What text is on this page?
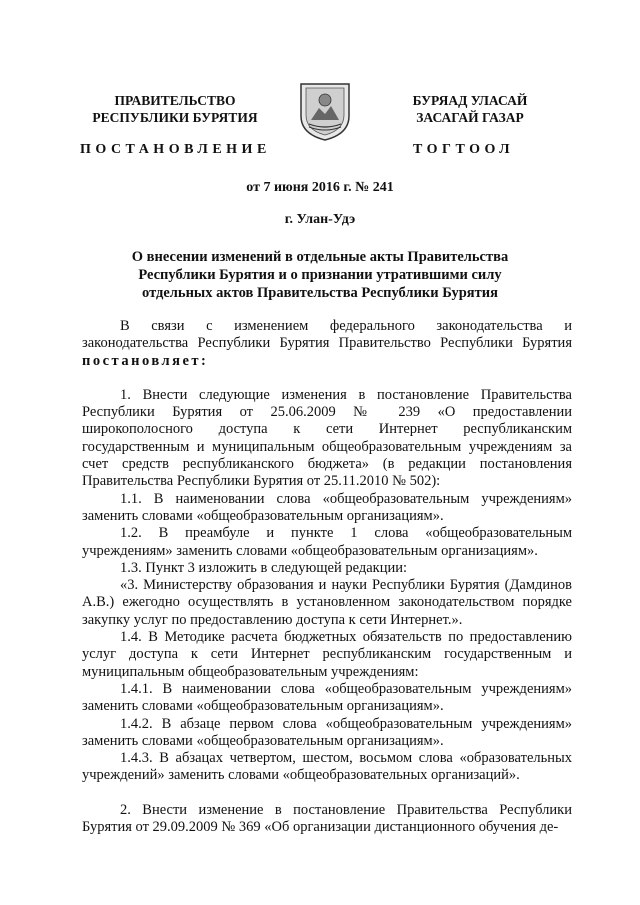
ПРАВИТЕЛЬСТВО
РЕСПУБЛИКИ БУРЯТИЯ
БУРЯАД УЛАСАЙ
ЗАСАГАЙ ГАЗАР
ПОСТАНОВЛЕНИЕ	ТОГТООЛ
от 7 июня 2016 г. № 241
г. Улан-Удэ
О внесении изменений в отдельные акты Правительства
Республики Бурятия и о признании утратившими силу
отдельных актов Правительства Республики Бурятия

В связи с изменением федерального законодательства и законодательства Республики Бурятия Правительство Республики Бурятия постановляет:

1. Внести следующие изменения в постановление Правительства Республики Бурятия от 25.06.2009 № 239 «О предоставлении широкополосного доступа к сети Интернет республиканским государственным и муниципальным общеобразовательным учреждениям за счет средств республиканского бюджета» (в редакции постановления Правительства Республики Бурятия от 25.11.2010 № 502):

1.1. В наименовании слова «общеобразовательным учреждениям» заменить словами «общеобразовательным организациям».

1.2. В преамбуле и пункте 1 слова «общеобразовательным учреждениям» заменить словами «общеобразовательным организациям».

1.3. Пункт 3 изложить в следующей редакции:

«3. Министерству образования и науки Республики Бурятия (Дамдинов А.В.) ежегодно осуществлять в установленном законодательством порядке закупку услуг по предоставлению доступа к сети Интернет.».

1.4. В Методике расчета бюджетных обязательств по предоставлению услуг доступа к сети Интернет республиканским государственным и муниципальным общеобразовательным учреждениям:

1.4.1. В наименовании слова «общеобразовательным учреждениям» заменить словами «общеобразовательным организациям».

1.4.2. В абзаце первом слова «общеобразовательным учреждениям» заменить словами «общеобразовательным организациям».

1.4.3. В абзацах четвертом, шестом, восьмом слова «образовательных учреждений» заменить словами «общеобразовательных организаций».

2. Внести изменение в постановление Правительства Республики Бурятия от 29.09.2009 № 369 «Об организации дистанционного обучения де-
